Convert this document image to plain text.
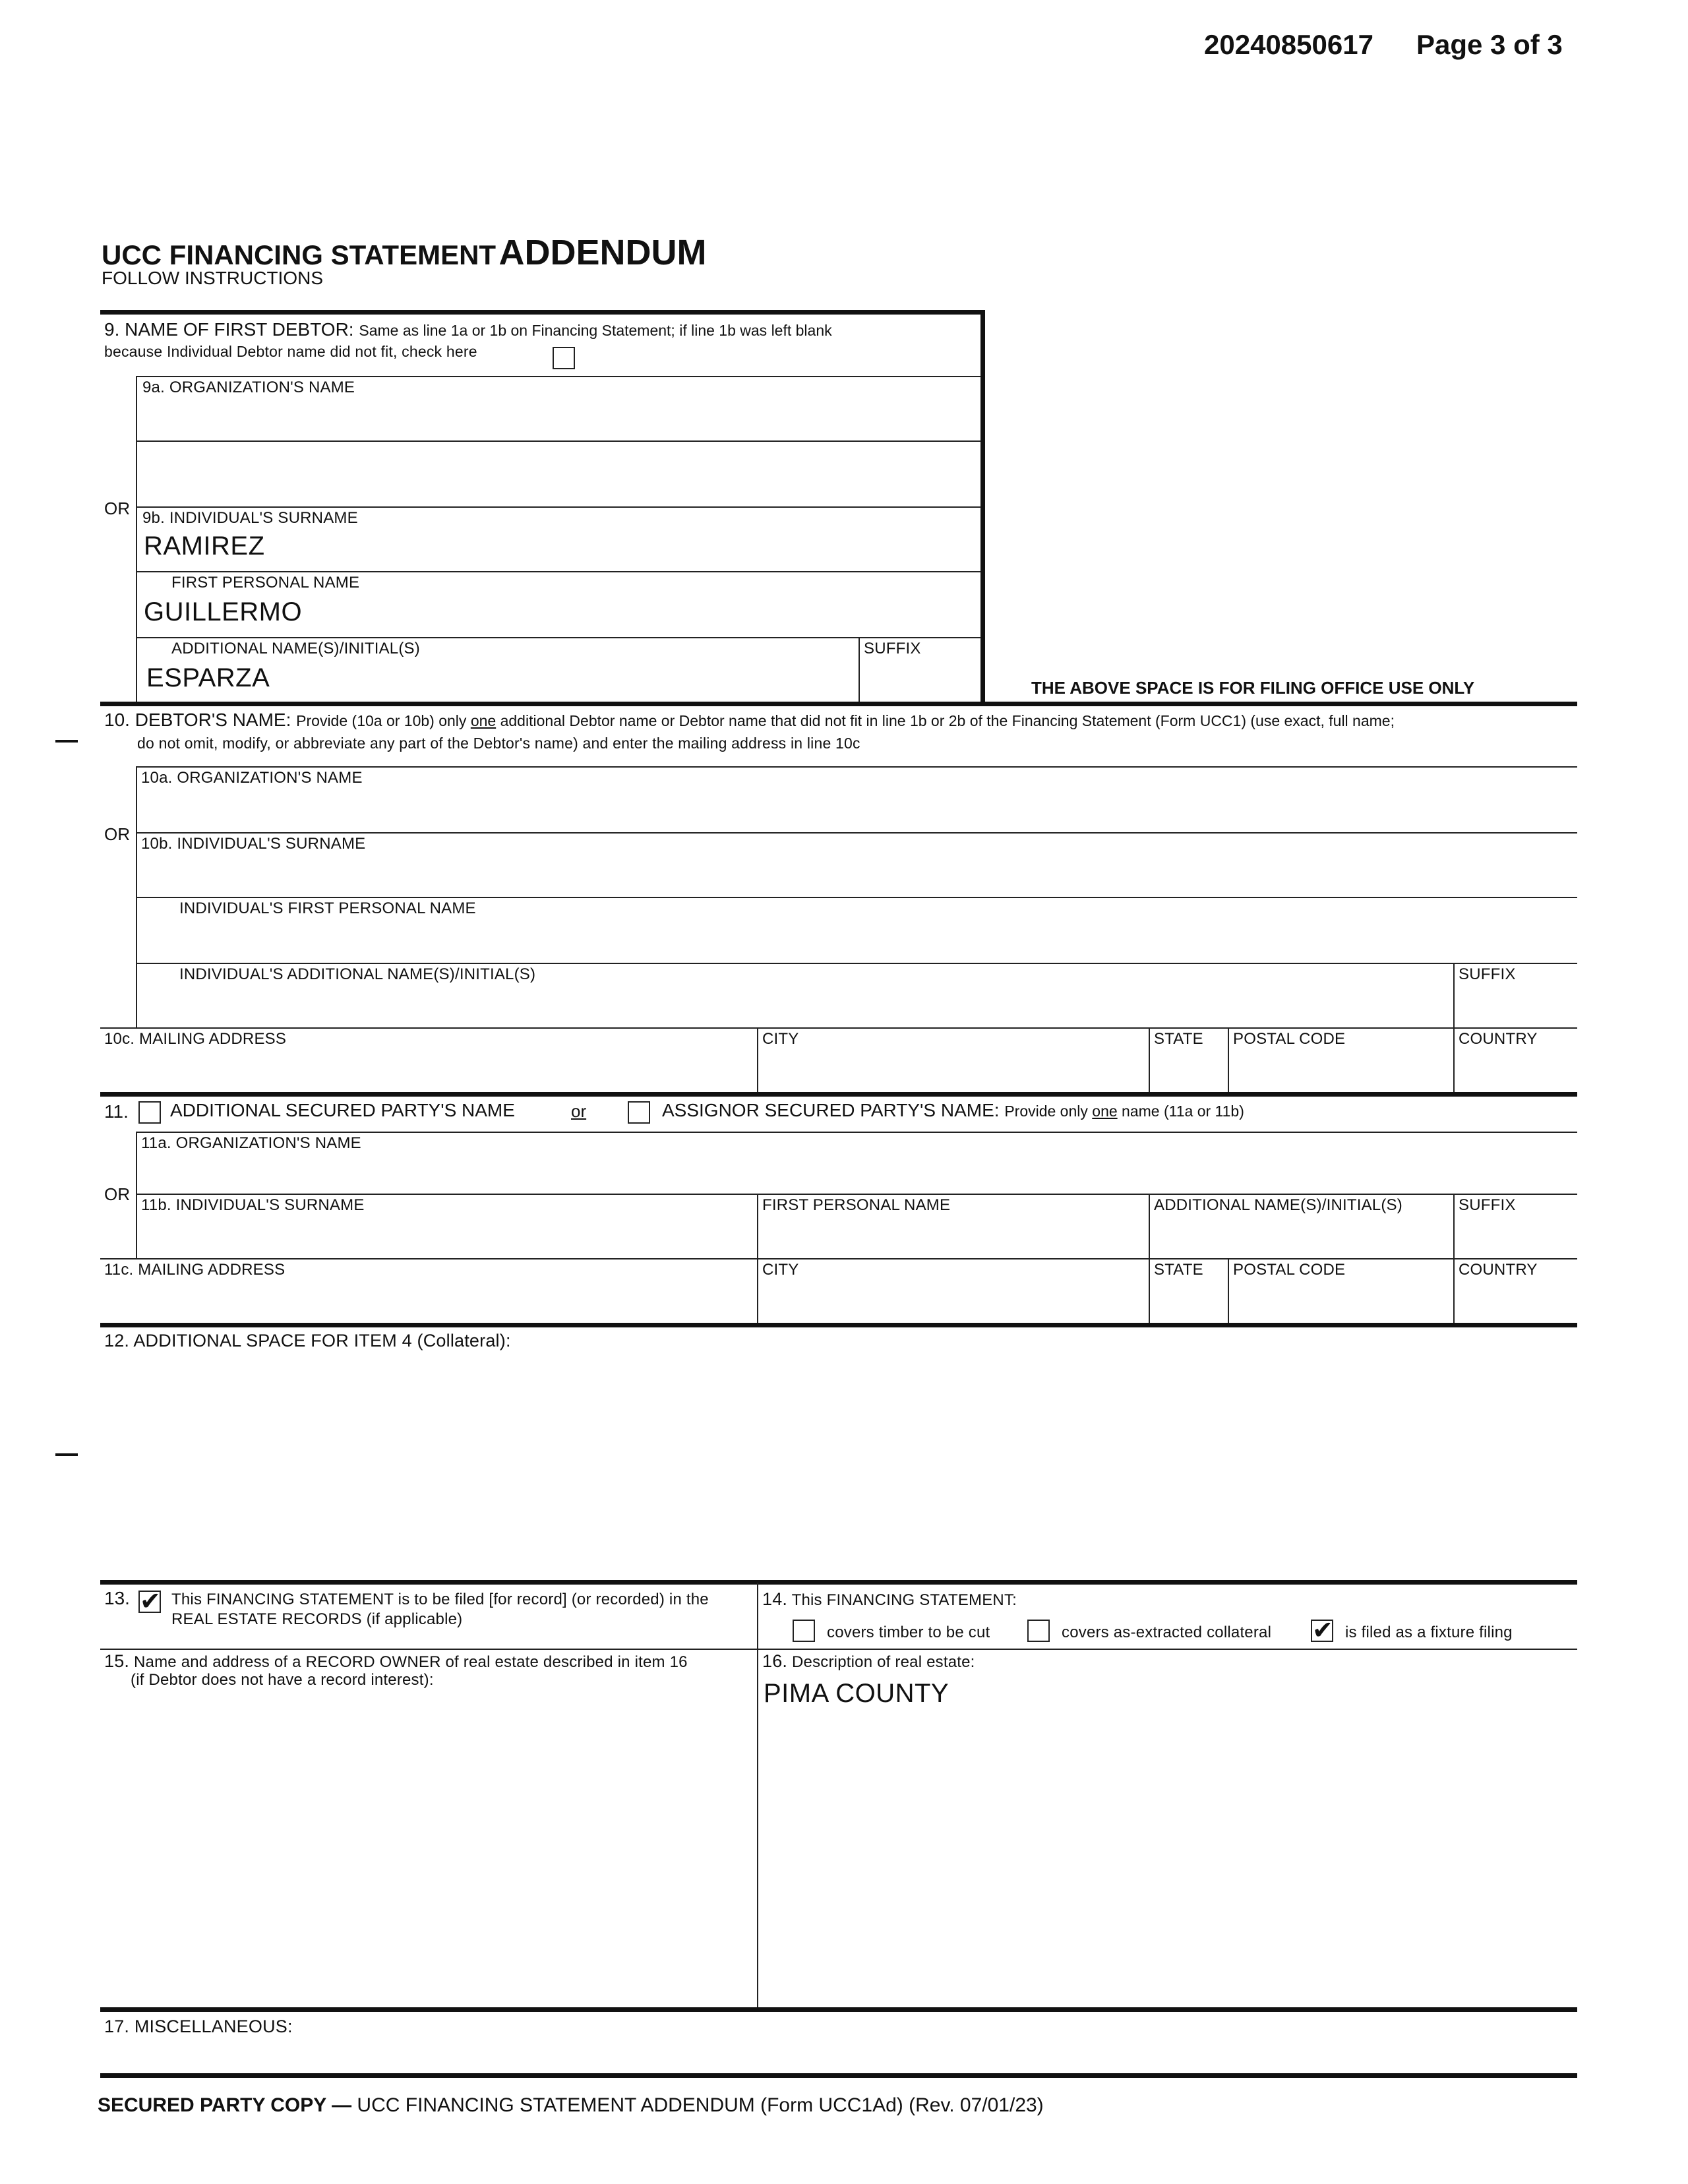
20240850617 Page 3 of 3
UCC FINANCING STATEMENT ADDENDUM
FOLLOW INSTRUCTIONS
9. NAME OF FIRST DEBTOR: Same as line 1a or 1b on Financing Statement; if line 1b was left blank
because Individual Debtor name did not fit, check here
9a. ORGANIZATION'S NAME
OR 9b. INDIVIDUAL'S SURNAME
RAMIREZ
FIRST PERSONAL NAME
GUILLERMO
ADDITIONAL NAME(S)/INITIAL(S)
ESPARZA
SUFFIX
THE ABOVE SPACE IS FOR FILING OFFICE USE ONLY
10. DEBTOR'S NAME: Provide (10a or 10b) only one additional Debtor name or Debtor name that did not fit in line 1b or 2b of the Financing Statement (Form UCC1) (use exact, full name;
do not omit, modify, or abbreviate any part of the Debtor's name) and enter the mailing address in line 10c
10a. ORGANIZATION'S NAME
OR 10b. INDIVIDUAL'S SURNAME
INDIVIDUAL'S FIRST PERSONAL NAME
INDIVIDUAL'S ADDITIONAL NAME(S)/INITIAL(S)	SUFFIX
10c. MAILING ADDRESS	CITY	STATE POSTAL CODE	COUNTRY
11. ADDITIONAL SECURED PARTY'S NAME	or	ASSIGNOR SECURED PARTY'S NAME: Provide only one name (11a or 11b)
11a. ORGANIZATION'S NAME
OR
11b. INDIVIDUAL'S SURNAME	FIRST PERSONAL NAME	ADDITIONAL NAME(S)/INITIAL(S)	SUFFIX
11c. MAILING ADDRESS	CITY	STATE POSTAL CODE	COUNTRY
12. ADDITIONAL SPACE FOR ITEM 4 (Collateral):
13. ✔ This FINANCING STATEMENT is to be filed [for record] (or recorded) in the
REAL ESTATE RECORDS (if applicable)
14. This FINANCING STATEMENT:
covers timber to be cut	covers as-extracted collateral ✔ is filed as a fixture filing
15. Name and address of a RECORD OWNER of real estate described in item 16
(if Debtor does not have a record interest):
16. Description of real estate:
PIMA COUNTY
17. MISCELLANEOUS:
SECURED PARTY COPY — UCC FINANCING STATEMENT ADDENDUM (Form UCC1Ad) (Rev. 07/01/23)
